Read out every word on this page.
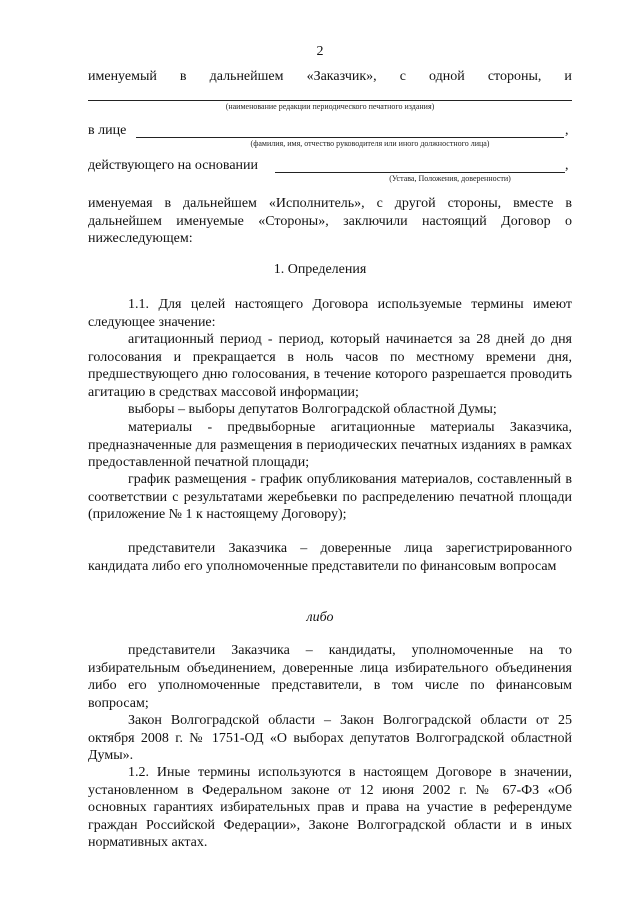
2
именуемый в дальнейшем «Заказчик», с одной стороны, и
(наименование редакции периодического печатного издания)
в лице	,
(фамилия, имя, отчество руководителя или иного должностного лица)
действующего на основании	,
(Устава, Положения, доверенности)

именуемая в дальнейшем «Исполнитель», с другой стороны, вместе в дальнейшем именуемые «Стороны», заключили настоящий Договор о нижеследующем:

1. Определения

1.1. Для целей настоящего Договора используемые термины имеют следующее значение:

агитационный период - период, который начинается за 28 дней до дня голосования и прекращается в ноль часов по местному времени дня, предшествующего дню голосования, в течение которого разрешается проводить агитацию в средствах массовой информации;

выборы – выборы депутатов Волгоградской областной Думы;

материалы - предвыборные агитационные материалы Заказчика, предназначенные для размещения в периодических печатных изданиях в рамках предоставленной печатной площади;

график размещения - график опубликования материалов, составленный в соответствии с результатами жеребьевки по распределению печатной площади (приложение № 1 к настоящему Договору);

представители Заказчика – доверенные лица зарегистрированного кандидата либо его уполномоченные представители по финансовым вопросам

либо

представители Заказчика – кандидаты, уполномоченные на то избирательным объединением, доверенные лица избирательного объединения либо его уполномоченные представители, в том числе по финансовым вопросам;

Закон Волгоградской области – Закон Волгоградской области от 25 октября 2008 г. № 1751-ОД «О выборах депутатов Волгоградской областной Думы».

1.2. Иные термины используются в настоящем Договоре в значении, установленном в Федеральном законе от 12 июня 2002 г. № 67-ФЗ «Об основных гарантиях избирательных прав и права на участие в референдуме граждан Российской Федерации», Законе Волгоградской области и в иных нормативных актах.
